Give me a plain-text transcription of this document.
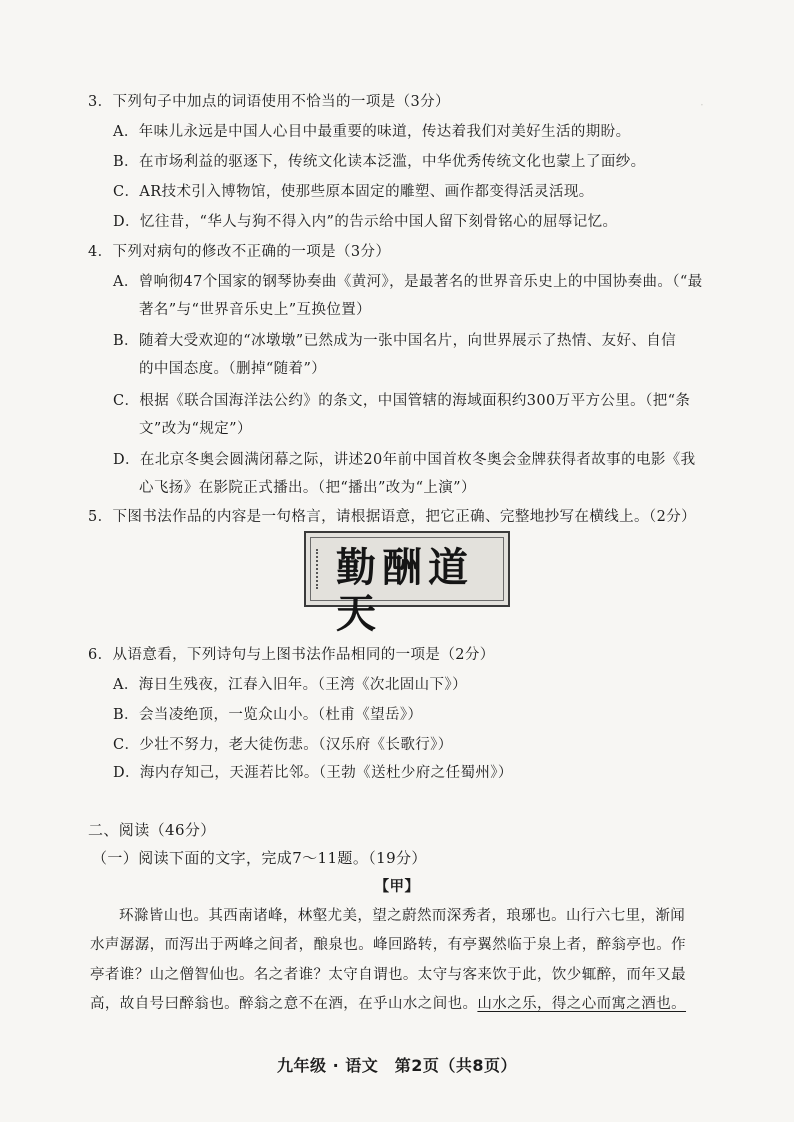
·
3．下列句子中加点的词语使用不恰当的一项是（3分）
A．年味儿永远是中国人心目中最重要的味道，传达着我们对美好生活的期盼。
B．在市场利益的驱逐下，传统文化读本泛滥，中华优秀传统文化也蒙上了面纱。
C．AR技术引入博物馆，使那些原本固定的雕塑、画作都变得活灵活现。
D．忆往昔，“华人与狗不得入内”的告示给中国人留下刻骨铭心的屈辱记忆。
4．下列对病句的修改不正确的一项是（3分）
A．曾响彻47个国家的钢琴协奏曲《黄河》，是最著名的世界音乐史上的中国协奏曲。（“最
著名”与“世界音乐史上”互换位置）
B．随着大受欢迎的“冰墩墩”已然成为一张中国名片，向世界展示了热情、友好、自信
的中国态度。（删掉“随着”）
C．根据《联合国海洋法公约》的条文，中国管辖的海域面积约300万平方公里。（把“条
文”改为“规定”）
D．在北京冬奥会圆满闭幕之际，讲述20年前中国首枚冬奥会金牌获得者故事的电影《我
心飞扬》在影院正式播出。（把“播出”改为“上演”）
5．下图书法作品的内容是一句格言，请根据语意，把它正确、完整地抄写在横线上。（2分）
勤酬道天
6．从语意看，下列诗句与上图书法作品相同的一项是（2分）
A．海日生残夜，江春入旧年。（王湾《次北固山下》）
B．会当凌绝顶，一览众山小。（杜甫《望岳》）
C．少壮不努力，老大徒伤悲。（汉乐府《长歌行》）
D．海内存知己，天涯若比邻。（王勃《送杜少府之任蜀州》）
二、阅读（46分）
（一）阅读下面的文字，完成7～11题。（19分）
【甲】
环滁皆山也。其西南诸峰，林壑尤美，望之蔚然而深秀者，琅琊也。山行六七里，渐闻
水声潺潺，而泻出于两峰之间者，酿泉也。峰回路转，有亭翼然临于泉上者，醉翁亭也。作
亭者谁？山之僧智仙也。名之者谁？太守自谓也。太守与客来饮于此，饮少辄醉，而年又最
高，故自号曰醉翁也。醉翁之意不在酒，在乎山水之间也。山水之乐，得之心而寓之酒也。
九年级 · 语文　第2页（共8页）
